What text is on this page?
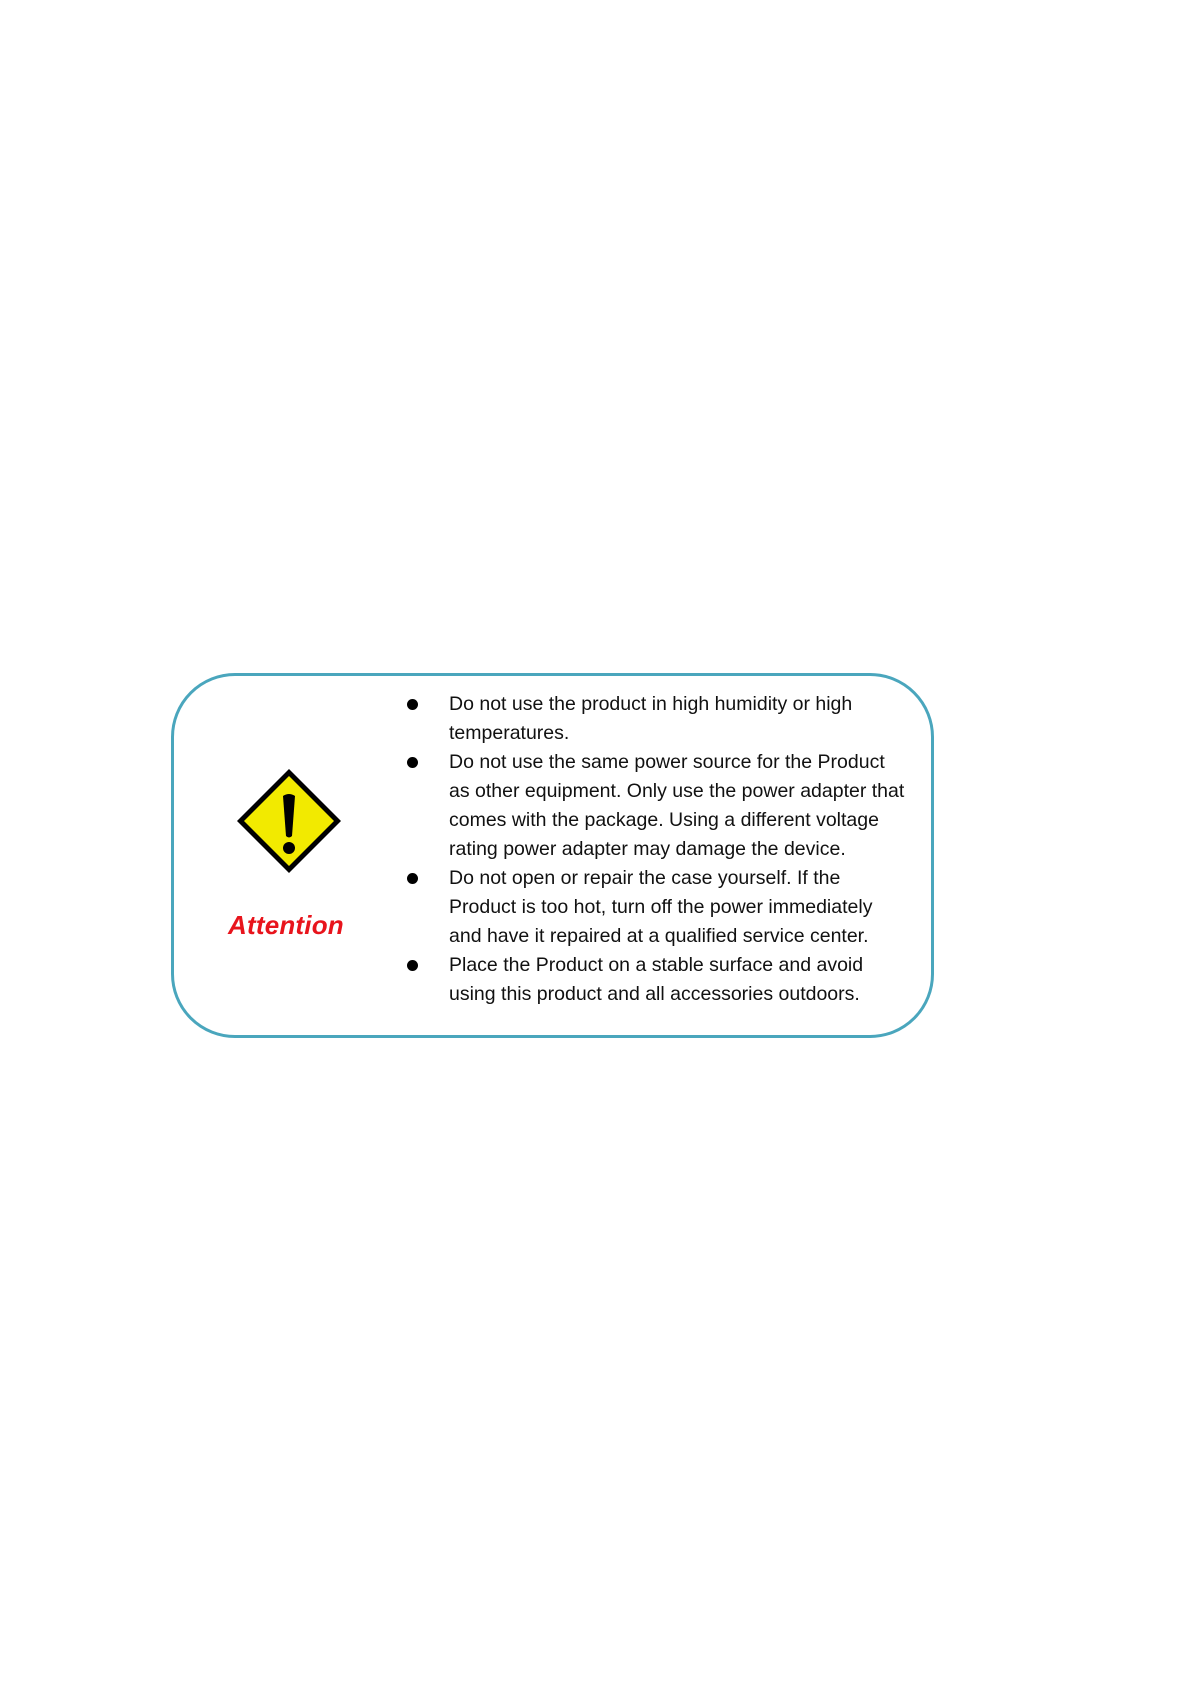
Attention
Do not use the product in high humidity or high temperatures.
Do not use the same power source for the Product as other equipment. Only use the power adapter that comes with the package. Using a different voltage rating power adapter may damage the device.
Do not open or repair the case yourself. If the Product is too hot, turn off the power immediately and have it repaired at a qualified service center.
Place the Product on a stable surface and avoid using this product and all accessories outdoors.
